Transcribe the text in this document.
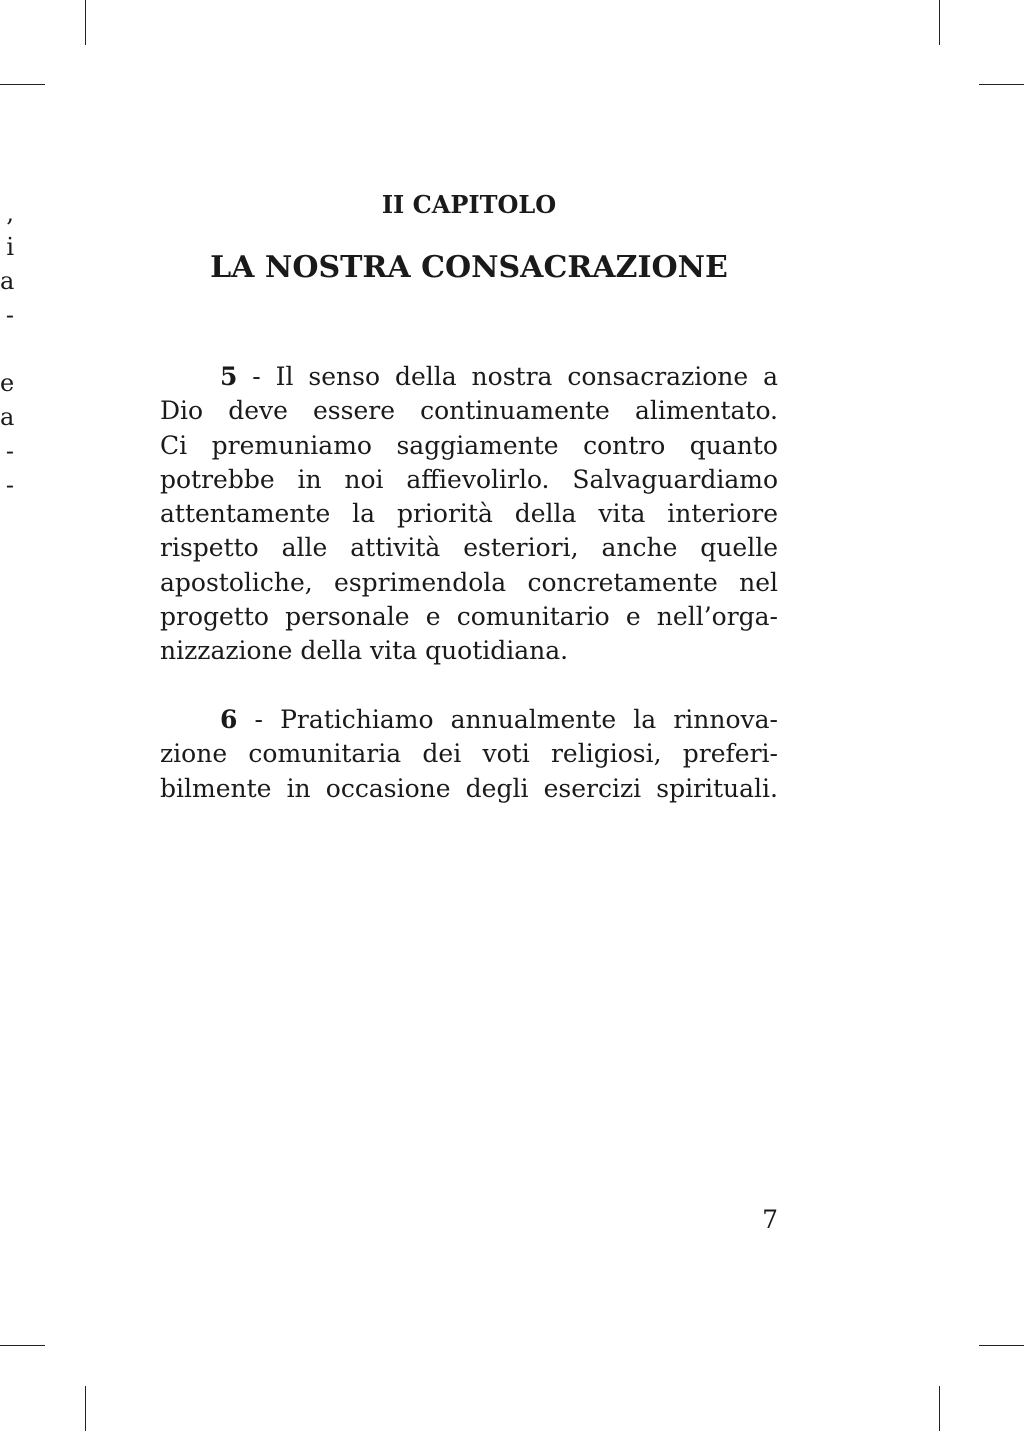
,
i
a
-
e
a
-
-
II CAPITOLO
LA NOSTRA CONSACRAZIONE
5 - Il senso della nostra consacrazione a
Dio deve essere continuamente alimentato.
Ci premuniamo saggiamente contro quanto
potrebbe in noi affievolirlo. Salvaguardiamo
attentamente la priorità della vita interiore
rispetto alle attività esteriori, anche quelle
apostoliche, esprimendola concretamente nel
progetto personale e comunitario e nell’orga-
nizzazione della vita quotidiana.
6 - Pratichiamo annualmente la rinnova-
zione comunitaria dei voti religiosi, preferi-
bilmente in occasione degli esercizi spirituali.
7
